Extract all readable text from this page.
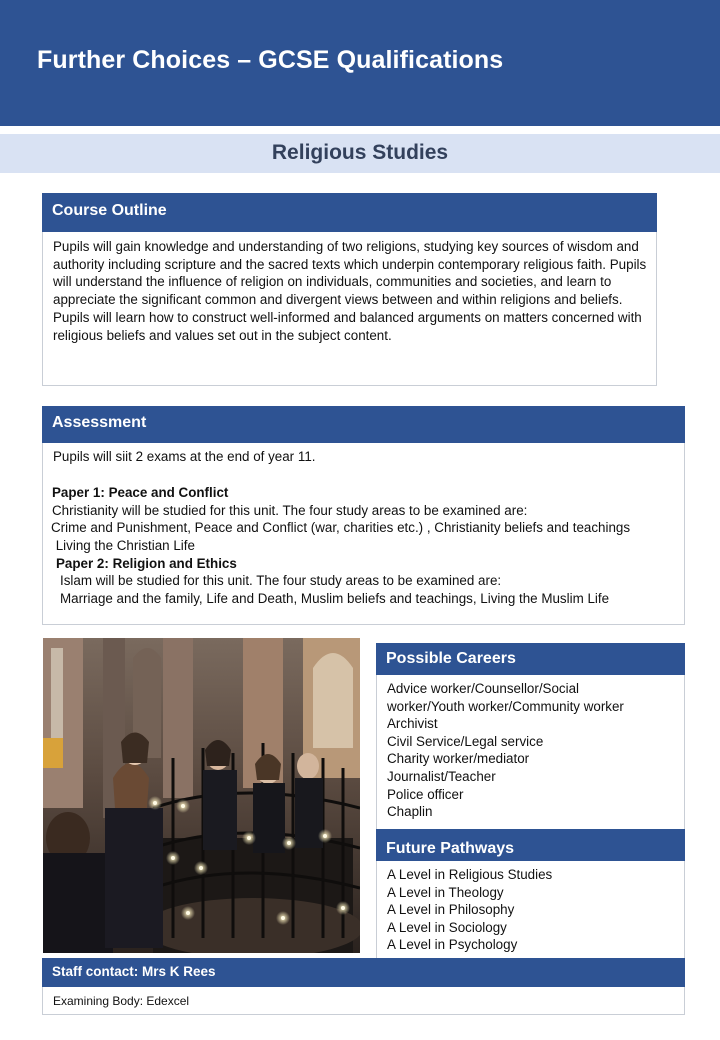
Further Choices – GCSE Qualifications
Religious Studies
Course Outline
Pupils will gain knowledge and understanding of two religions, studying key sources of wisdom and authority including scripture and the sacred texts which underpin contemporary religious faith. Pupils will understand the influence of religion on individuals, communities and societies, and learn to appreciate the significant common and divergent views between and within religions and beliefs. Pupils will learn how to construct well-informed and balanced arguments on matters concerned with religious beliefs and values set out in the subject content.
Assessment
Pupils will siit 2 exams at the end of year 11.
Paper 1: Peace and Conflict
Christianity will be studied for this unit. The four study areas to be examined are:
Crime and Punishment, Peace and Conflict (war, charities etc.) , Christianity beliefs and teachings
Living the Christian Life
Paper 2: Religion and Ethics
Islam will be studied for this unit. The four study areas to be examined are:
Marriage and the family, Life and Death, Muslim beliefs and teachings, Living the Muslim Life
Possible Careers
Advice worker/Counsellor/Social
worker/Youth worker/Community worker
Archivist
Civil Service/Legal service
Charity worker/mediator
Journalist/Teacher
Police officer
Chaplin
Future Pathways
A Level in Religious Studies
A Level in Theology
A Level in Philosophy
A Level in Sociology
A Level in Psychology
Staff contact: Mrs K Rees
Examining Body: Edexcel
